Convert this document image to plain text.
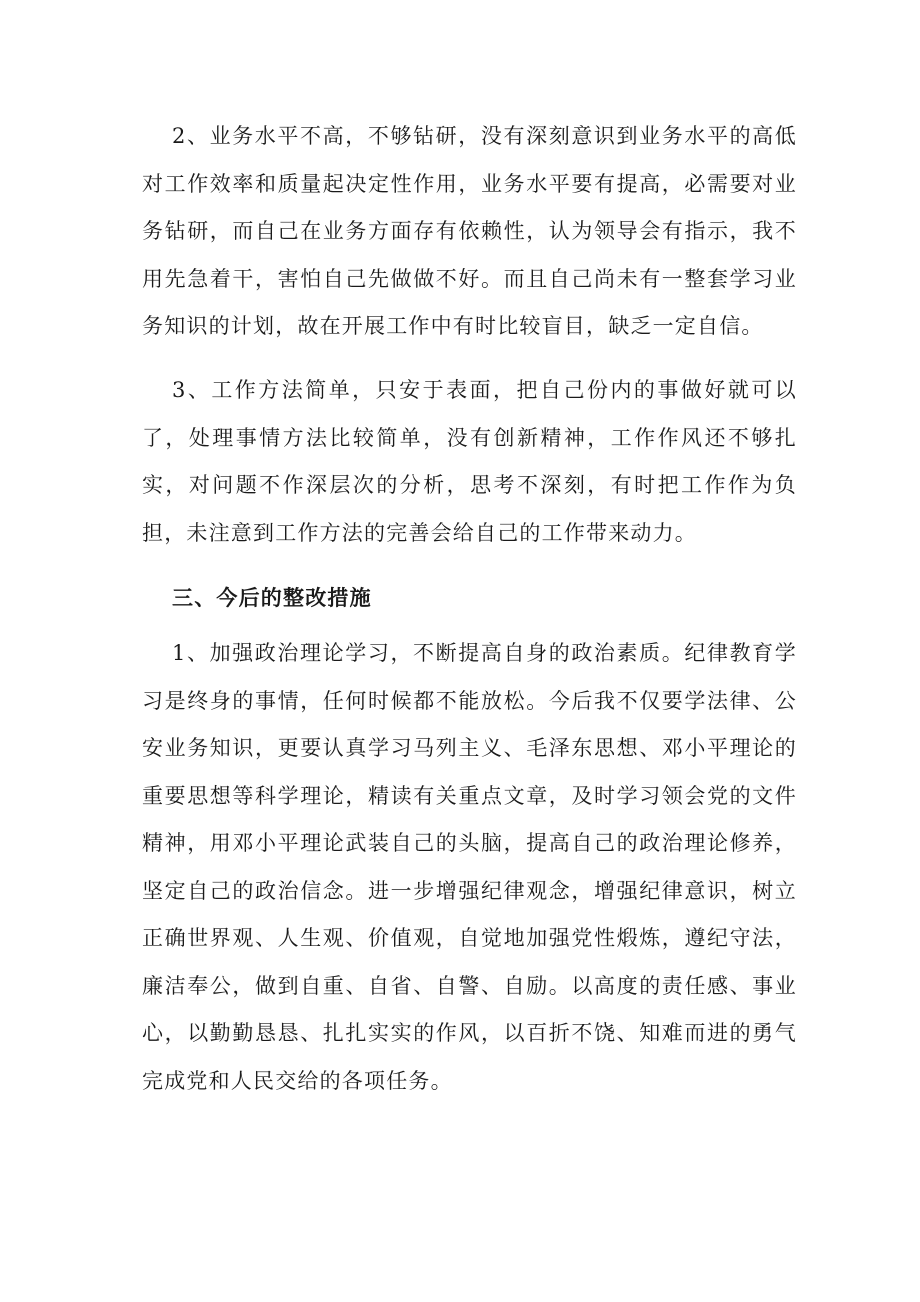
2、业务水平不高，不够钻研，没有深刻意识到业务水平的高低对工作效率和质量起决定性作用，业务水平要有提高，必需要对业务钻研，而自己在业务方面存有依赖性，认为领导会有指示，我不用先急着干，害怕自己先做做不好。而且自己尚未有一整套学习业务知识的计划，故在开展工作中有时比较盲目，缺乏一定自信。

3、工作方法简单，只安于表面，把自己份内的事做好就可以了，处理事情方法比较简单，没有创新精神，工作作风还不够扎实，对问题不作深层次的分析，思考不深刻，有时把工作作为负担，未注意到工作方法的完善会给自己的工作带来动力。

三、今后的整改措施

1、加强政治理论学习，不断提高自身的政治素质。纪律教育学习是终身的事情，任何时候都不能放松。今后我不仅要学法律、公安业务知识，更要认真学习马列主义、毛泽东思想、邓小平理论的重要思想等科学理论，精读有关重点文章，及时学习领会党的文件精神，用邓小平理论武装自己的头脑，提高自己的政治理论修养，坚定自己的政治信念。进一步增强纪律观念，增强纪律意识，树立正确世界观、人生观、价值观，自觉地加强党性煅炼，遵纪守法，廉洁奉公，做到自重、自省、自警、自励。以高度的责任感、事业心，以勤勤恳恳、扎扎实实的作风，以百折不饶、知难而进的勇气完成党和人民交给的各项任务。
